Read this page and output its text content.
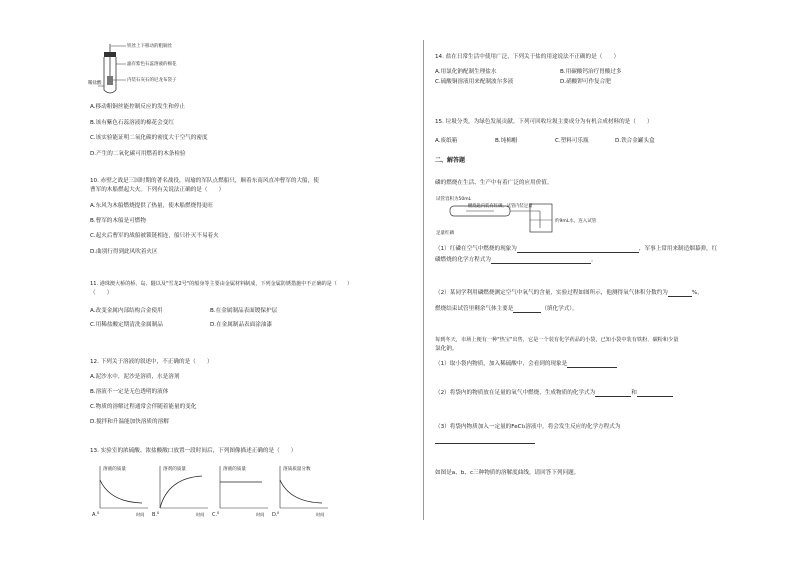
铁丝上下移动的粗铜丝
滤有紫色石蕊溶液的棉花
内装石灰石的尼龙布袋子
稀盐酸
A.移动粗铜丝能控制反应的发生和停止
B.该有紫色石蕊溶液的棉花会变红
C.该实验能证明二氧化碳的密度大于空气的密度
D.产生的二氧化碳可用燃着的木条检验
10. 赤壁之战是三国时期的著名战役，周瑜的军队点燃船只，顺着东南风直冲曹军的大船，使
曹军的木船燃起大火。下列有关说法正确的是（　　）
A.东风为木船燃烧提供了热量，使木船燃烧得更旺
B.曹军的木船是可燃物
C.起火后曹军的战船被锁链相连，船只扑灭不易着火
D.曲别行得到此风吹着火区
11. 港珠澳大桥的桥、岛、隧以及"雪龙2号"的船身等主要由金属材料制成，下列金属防锈措施中不正确的是（　　）
（　　）
A.改变金属内部结构合金使用	B.在金属制品表面镀保护层
C.用稀盐酸定期清洗金属制品	D.在金属制品表面涂油漆
12. 下列关于溶液的叙述中，不正确的是（　　）
A.泥沙水中，泥沙是溶质，水是溶剂
B.溶液不一定是无色透明的液体
C.物质的溶解过程通常会伴随着能量的变化
D.搅拌和升温能加快溶质的溶解
13. 实验室的浓硫酸、浓盐酸敞口放置一段时间后，下列图像描述正确的是（　　）
溶液的质量
时间
A. 0
溶剂的质量
时间
B. 0
溶液的质量
时间
C. 0
溶质质量分数
时间
D. 0
14. 盐在日常生活中使用广泛，下列关于盐的用途说法不正确的是（　　）
A.用氯化钠配制生理盐水	B.用碳酸钙治疗胃酸过多
C.硫酸铜溶液用来配制波尔多液	D.硝酸钾可作复合肥
15. 垃圾分类，为绿色发展贡献。下列可回收垃圾主要成分为有机合成材料的是（　　）
A.废纸箱	B.纯棉帽	C.塑料可乐瓶	D.铁合金罐头盒
二、解答题
磷的燃烧在生活、生产中有着广泛的应用价值。
试管容积为50mL
燃烧匙内装有红磷，试管内装足量
足量红磷
约9mL水，连入试管
（1）红磷在空气中燃烧的现象为	，军事上常用来制造烟幕弹，红
磷燃烧的化学方程式为	。
（2）某同学利用磷燃烧测定空气中氧气的含量，实验过程如图所示，他测得氧气体积分数约为	%，
燃烧结束试管里剩余气体主要是	（填化学式）。
每到冬天，市场上便有一种"热宝"出售，它是一个装有化学药品的小袋，已知小袋中装有铁粉、碳粉和少量
氯化钠。
（1）取小袋内物质，加入稀硫酸中，会看到的现象是
（2）将袋内的物质放在足量的氧气中燃烧，生成物质的化学式为	和
（3）将袋内物质加入一定量的FeCl₃溶液中，将会发生反应的化学方程式为
如图是a、b、c三种物质的溶解度曲线，请回答下列问题。
